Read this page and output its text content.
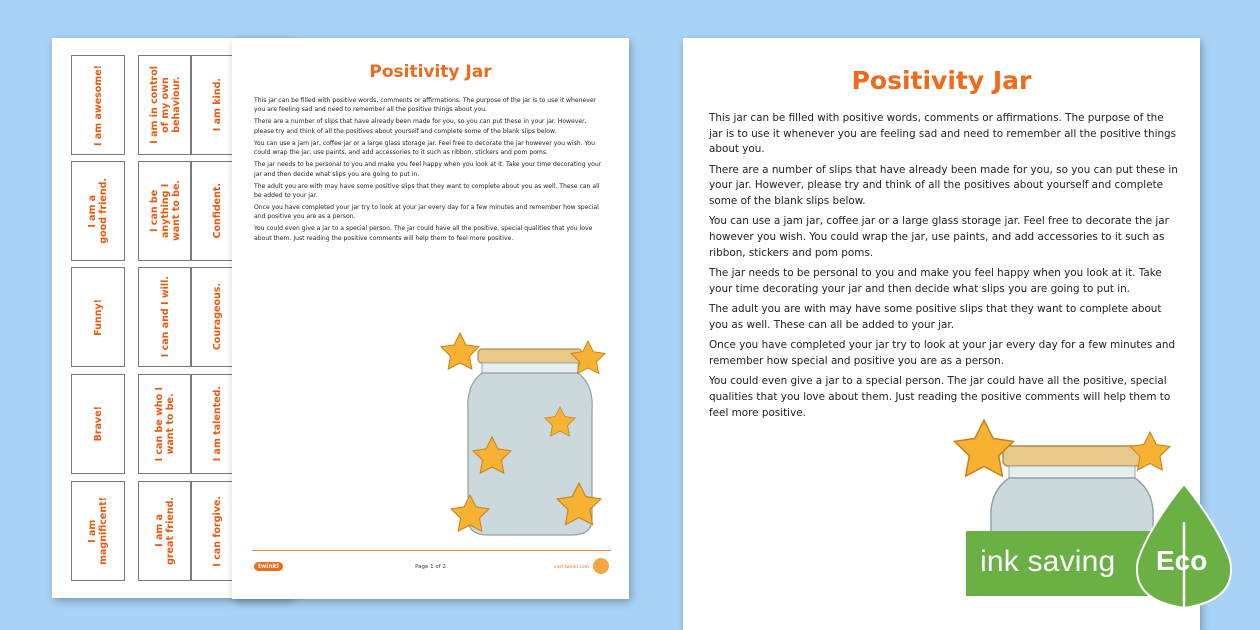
I am awesome!
I am a
good friend.
Funny!
Brave!
I am
magnificent!
I am in control
of my own
behaviour.
I can be
anything I
want to be.
I can and I will.
I can be who I
want to be.
I am a
great friend.
I am kind.
Confident.
Courageous.
I am talented.
I can forgive.
Positivity Jar

This jar can be filled with positive words, comments or affirmations. The purpose of the jar is to use it whenever you are feeling sad and need to remember all the positive things about you.

There are a number of slips that have already been made for you, so you can put these in your jar. However, please try and think of all the positives about yourself and complete some of the blank slips below.

You can use a jam jar, coffee jar or a large glass storage jar. Feel free to decorate the jar however you wish. You could wrap the jar, use paints, and add accessories to it such as ribbon, stickers and pom poms.

The jar needs to be personal to you and make you feel happy when you look at it. Take your time decorating your jar and then decide what slips you are going to put in.

The adult you are with may have some positive slips that they want to complete about you as well. These can all be added to your jar.

Once you have completed your jar try to look at your jar every day for a few minutes and remember how special and positive you are as a person.

You could even give a jar to a special person. The jar could have all the positive, special qualities that you love about them. Just reading the positive comments will help them to feel more positive.

twinkl	Page 1 of 2	visit twinkl.com
Positivity Jar

This jar can be filled with positive words, comments or affirmations. The purpose of the jar is to use it whenever you are feeling sad and need to remember all the positive things about you.

There are a number of slips that have already been made for you, so you can put these in your jar. However, please try and think of all the positives about yourself and complete some of the blank slips below.

You can use a jam jar, coffee jar or a large glass storage jar. Feel free to decorate the jar however you wish. You could wrap the jar, use paints, and add accessories to it such as ribbon, stickers and pom poms.

The jar needs to be personal to you and make you feel happy when you look at it. Take your time decorating your jar and then decide what slips you are going to put in.

The adult you are with may have some positive slips that they want to complete about you as well. These can all be added to your jar.

Once you have completed your jar try to look at your jar every day for a few minutes and remember how special and positive you are as a person.

You could even give a jar to a special person. The jar could have all the positive, special qualities that you love about them. Just reading the positive comments will help them to feel more positive.

ink saving Eco
